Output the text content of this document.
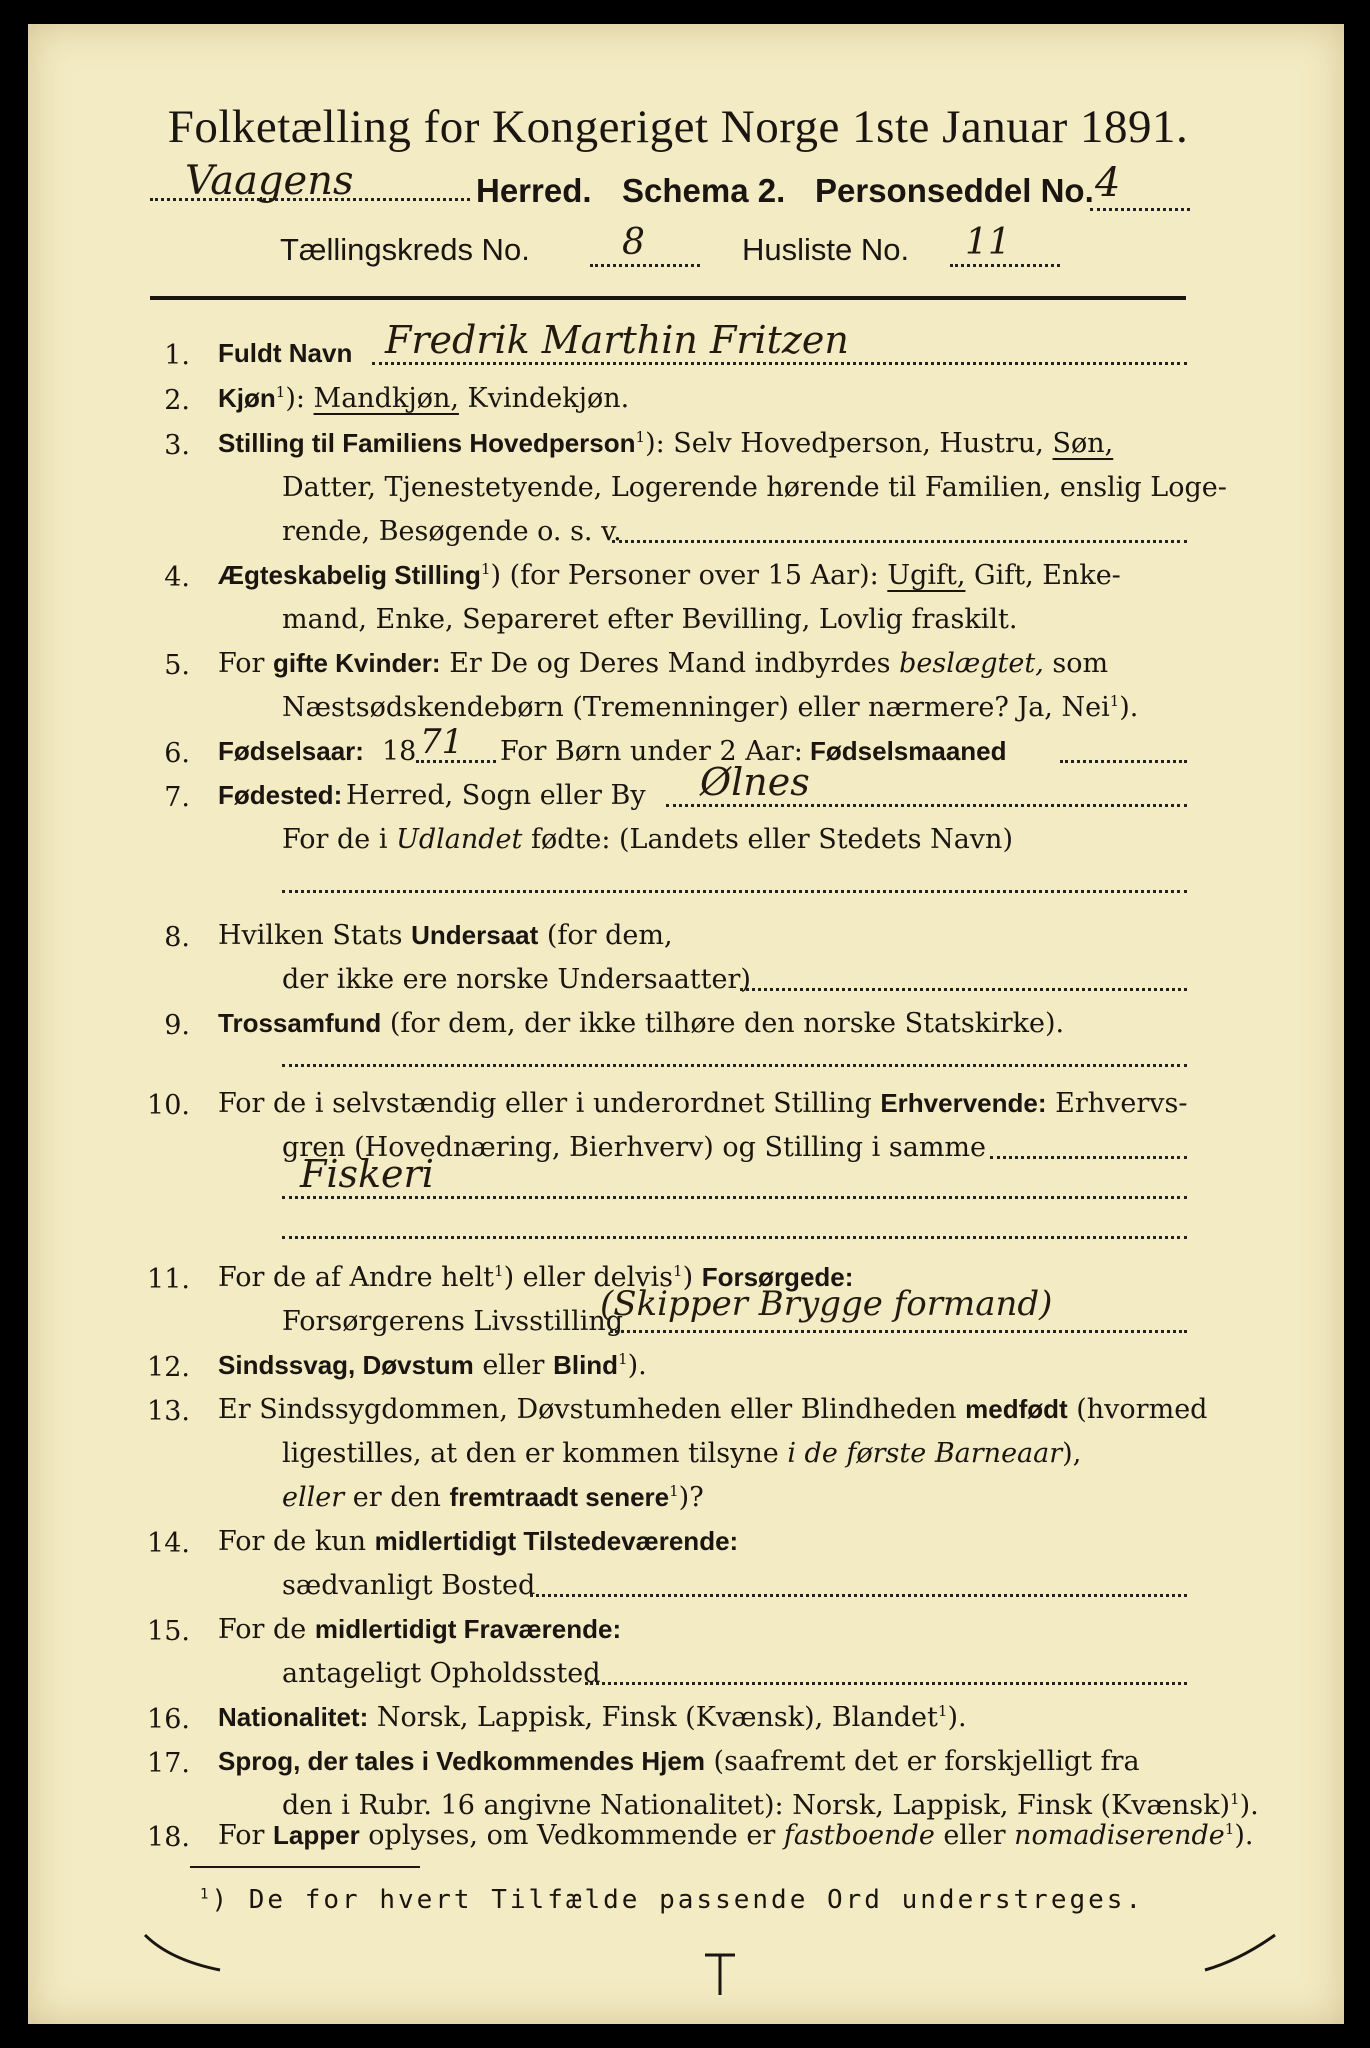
Folketælling for Kongeriget Norge 1ste Januar 1891.
Vaagens	Herred. Schema 2. Personseddel No. 4
Tællingskreds No.	8	Husliste No. 11
1. Fuldt Navn Fredrik Marthin Fritzen
2. Kjøn$^1$): Mandkjøn, Kvindekjøn.
3. Stilling til Familiens Hovedperson$^1$): Selv Hovedperson, Hustru, Søn,
Datter, Tjenestetyende, Logerende hørende til Familien, enslig Loge-
rende, Besøgende o. s. v.
4. Ægteskabelig Stilling$^1$) (for Personer over 15 Aar): Ugift, Gift, Enke-
mand, Enke, Separeret efter Bevilling, Lovlig fraskilt.
5. For gifte Kvinder: Er De og Deres Mand indbyrdes beslægtet, som
Næstsødskendebørn (Tremenninger) eller nærmere? Ja, Nei$^1$).
6. Fødselsaar: 18 71 For Børn under 2 Aar: Fødselsmaaned
7. Fødested: Herred, Sogn eller By Ølnes
For de i Udlandet fødte: (Landets eller Stedets Navn)
8. Hvilken Stats Undersaat (for dem,
der ikke ere norske Undersaatter)
9. Trossamfund (for dem, der ikke tilhøre den norske Statskirke).
10. For de i selvstændig eller i underordnet Stilling Erhvervende: Erhvervs-
gren (Hovednæring, Bierhverv) og Stilling i samme
Fiskeri
11. For de af Andre helt$^1$) eller delvis$^1$) Forsørgede:
Forsørgerens Livsstilling
(Skipper Brygge formand)
12. Sindssvag, Døvstum eller Blind$^1$).
13. Er Sindssygdommen, Døvstumheden eller Blindheden medfødt (hvormed
ligestilles, at den er kommen tilsyne i de første Barneaar),
eller er den fremtraadt senere$^1$)?
14. For de kun midlertidigt Tilstedeværende:
sædvanligt Bosted
15. For de midlertidigt Fraværende:
antageligt Opholdssted
16. Nationalitet: Norsk, Lappisk, Finsk (Kvænsk), Blandet$^1$).
17. Sprog, der tales i Vedkommendes Hjem (saafremt det er forskjelligt fra
den i Rubr. 16 angivne Nationalitet): Norsk, Lappisk, Finsk (Kvænsk)$^1$).
18. For Lapper oplyses, om Vedkommende er fastboende eller nomadiserende$^1$).
$^1$) De for hvert Tilfælde passende Ord understreges.
